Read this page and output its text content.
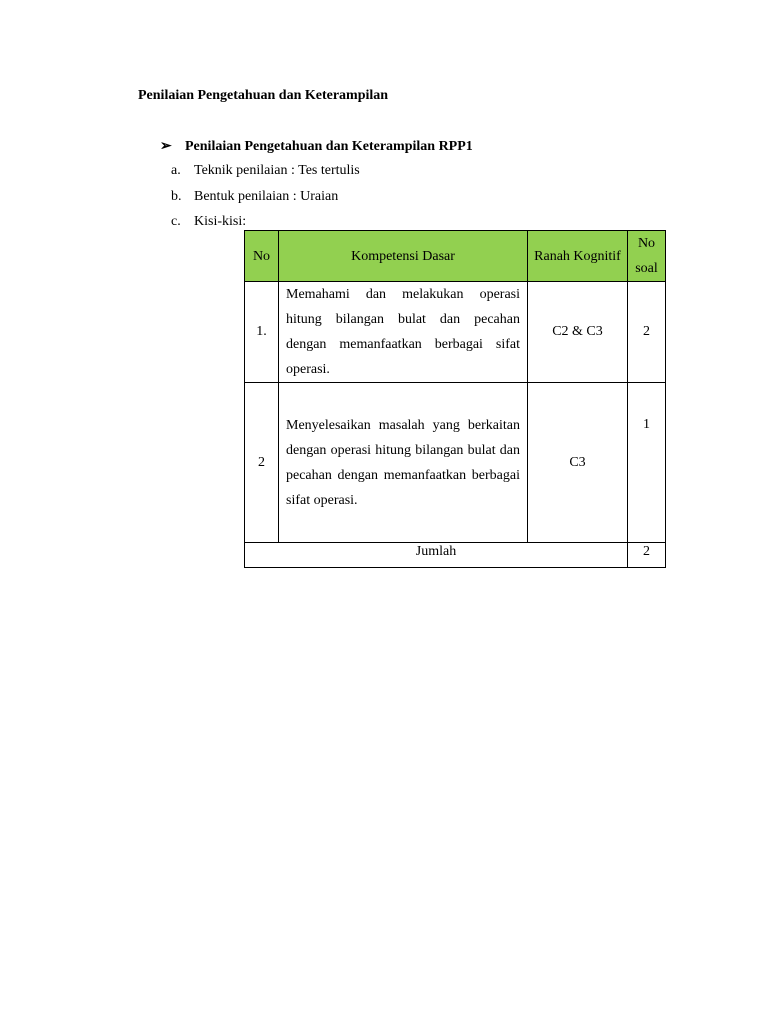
Penilaian Pengetahuan dan Keterampilan
➢ Penilaian Pengetahuan dan Keterampilan RPP1
a. Teknik penilaian : Tes tertulis
b. Bentuk penilaian : Uraian
c. Kisi-kisi:
No	Kompetensi Dasar	Ranah Kognitif	No soal
1.	Memahami dan melakukan operasi hitung bilangan bulat dan pecahan dengan memanfaatkan berbagai sifat operasi.	C2 & C3	2
2	Menyelesaikan masalah yang berkaitan dengan operasi hitung bilangan bulat dan pecahan dengan memanfaatkan berbagai sifat operasi.	C3	1
Jumlah			2
